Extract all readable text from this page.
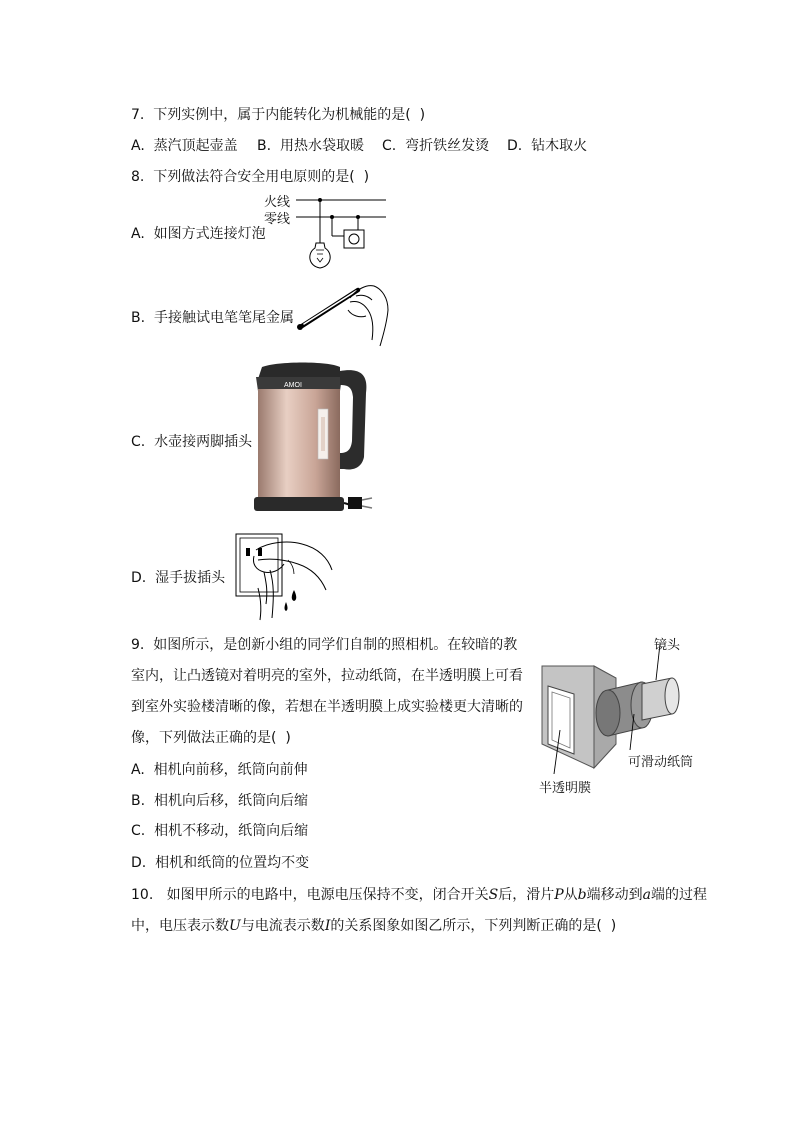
7.  下列实例中，属于内能转化为机械能的是(  )
A.  蒸汽顶起壶盖 B.  用热水袋取暖 C.  弯折铁丝发烫 D.  钻木取火
8.  下列做法符合安全用电原则的是(  )
A.  如图方式连接灯泡
火线
零线
B.  手接触试电笔笔尾金属
C.  水壶接两脚插头
AMOI
D.  湿手拔插头
9.  如图所示，是创新小组的同学们自制的照相机。在较暗的教
室内，让凸透镜对着明亮的室外，拉动纸筒，在半透明膜上可看
到室外实验楼清晰的像，若想在半透明膜上成实验楼更大清晰的
像，下列做法正确的是(  )
A.  相机向前移，纸筒向前伸
B.  相机向后移，纸筒向后缩
C.  相机不移动，纸筒向后缩
D.  相机和纸筒的位置均不变
镜头
可滑动纸筒
半透明膜
10.   如图甲所示的电路中，电源电压保持不变，闭合开关S后，滑片P从b端移动到a端的过程
中，电压表示数U与电流表示数I的关系图象如图乙所示，下列判断正确的是(  )
